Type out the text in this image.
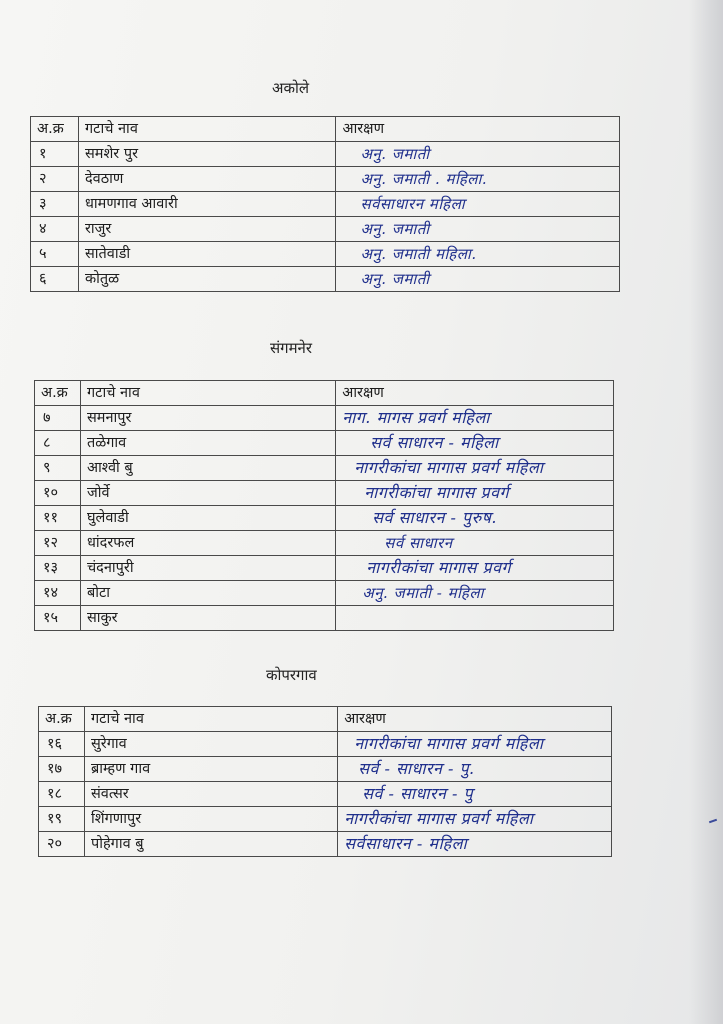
अकोले
अ.क्र	गटाचे नाव	आरक्षण
१	समशेर पुर	अनु. जमाती
२	देवठाण	अनु. जमाती . महिला.
३	धामणगाव आवारी	सर्वसाधारन महिला
४	राजुर	अनु. जमाती
५	सातेवाडी	अनु. जमाती महिला.
६	कोतुळ	अनु. जमाती
संगमनेर
अ.क्र	गटाचे नाव	आरक्षण
७	समनापुर	नाग. मागस प्रवर्ग महिला
८	तळेगाव	सर्व साधारन - महिला
९	आश्वी बु	नागरीकांचा मागास प्रवर्ग महिला
१०	जोर्वे	नागरीकांचा मागास प्रवर्ग
११	घुलेवाडी	सर्व साधारन - पुरुष.
१२	धांदरफल	सर्व साधारन
१३	चंदनापुरी	नागरीकांचा मागास प्रवर्ग
१४	बोटा	अनु. जमाती - महिला
१५	साकुर	
कोपरगाव
अ.क्र	गटाचे नाव	आरक्षण
१६	सुरेगाव	नागरीकांचा मागास प्रवर्ग महिला
१७	ब्राम्हण गाव	सर्व - साधारन - पु.
१८	संवत्सर	सर्व - साधारन - पु
१९	शिंगणापुर	नागरीकांचा मागास प्रवर्ग महिला
२०	पोहेगाव बु	सर्वसाधारन - महिला
